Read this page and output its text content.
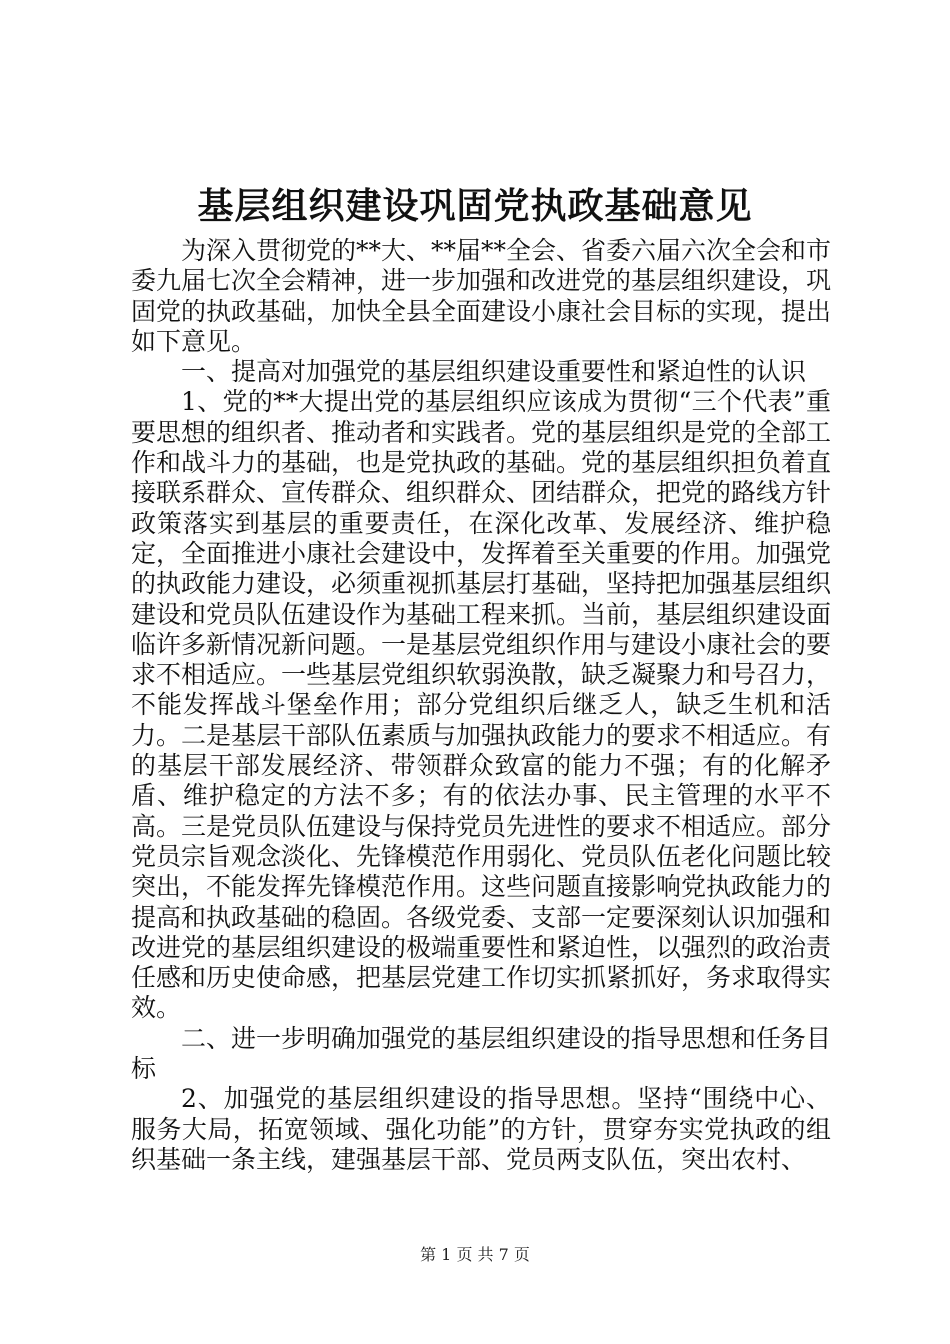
基层组织建设巩固党执政基础意见

为深入贯彻党的**大、**届**全会、省委六届六次全会和市委九届七次全会精神，进一步加强和改进党的基层组织建设，巩固党的执政基础，加快全县全面建设小康社会目标的实现，提出如下意见。

一、提高对加强党的基层组织建设重要性和紧迫性的认识

1、党的**大提出党的基层组织应该成为贯彻“三个代表”重要思想的组织者、推动者和实践者。党的基层组织是党的全部工作和战斗力的基础，也是党执政的基础。党的基层组织担负着直接联系群众、宣传群众、组织群众、团结群众，把党的路线方针政策落实到基层的重要责任，在深化改革、发展经济、维护稳定，全面推进小康社会建设中，发挥着至关重要的作用。加强党的执政能力建设，必须重视抓基层打基础，坚持把加强基层组织建设和党员队伍建设作为基础工程来抓。当前，基层组织建设面临许多新情况新问题。一是基层党组织作用与建设小康社会的要求不相适应。一些基层党组织软弱涣散，缺乏凝聚力和号召力，不能发挥战斗堡垒作用；部分党组织后继乏人，缺乏生机和活力。二是基层干部队伍素质与加强执政能力的要求不相适应。有的基层干部发展经济、带领群众致富的能力不强；有的化解矛盾、维护稳定的方法不多；有的依法办事、民主管理的水平不高。三是党员队伍建设与保持党员先进性的要求不相适应。部分党员宗旨观念淡化、先锋模范作用弱化、党员队伍老化问题比较突出，不能发挥先锋模范作用。这些问题直接影响党执政能力的提高和执政基础的稳固。各级党委、支部一定要深刻认识加强和改进党的基层组织建设的极端重要性和紧迫性，以强烈的政治责任感和历史使命感，把基层党建工作切实抓紧抓好，务求取得实效。

二、进一步明确加强党的基层组织建设的指导思想和任务目标

2、加强党的基层组织建设的指导思想。坚持“围绕中心、服务大局，拓宽领域、强化功能”的方针，贯穿夯实党执政的组织基础一条主线，建强基层干部、党员两支队伍，突出农村、

第 1 页 共 7 页
